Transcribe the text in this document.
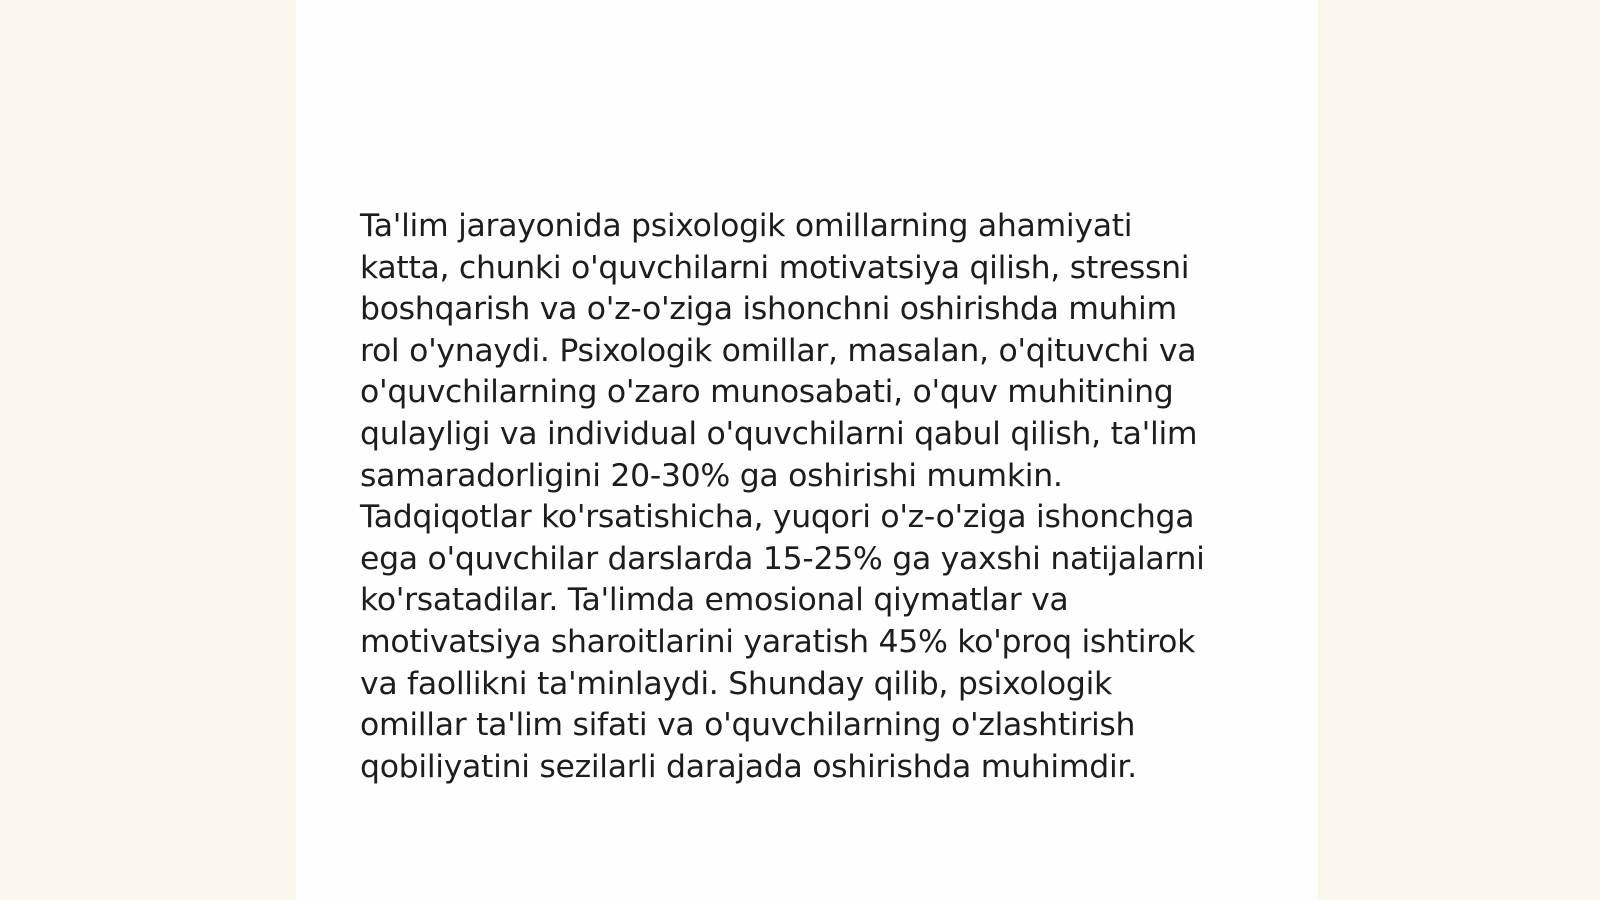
Ta'lim jarayonida psixologik omillarning ahamiyati
katta, chunki o'quvchilarni motivatsiya qilish, stressni
boshqarish va o'z-o'ziga ishonchni oshirishda muhim
rol o'ynaydi. Psixologik omillar, masalan, o'qituvchi va
o'quvchilarning o'zaro munosabati, o'quv muhitining
qulayligi va individual o'quvchilarni qabul qilish, ta'lim
samaradorligini 20-30% ga oshirishi mumkin.
Tadqiqotlar ko'rsatishicha, yuqori o'z-o'ziga ishonchga
ega o'quvchilar darslarda 15-25% ga yaxshi natijalarni
ko'rsatadilar. Ta'limda emosional qiymatlar va
motivatsiya sharoitlarini yaratish 45% ko'proq ishtirok
va faollikni ta'minlaydi. Shunday qilib, psixologik
omillar ta'lim sifati va o'quvchilarning o'zlashtirish
qobiliyatini sezilarli darajada oshirishda muhimdir.
